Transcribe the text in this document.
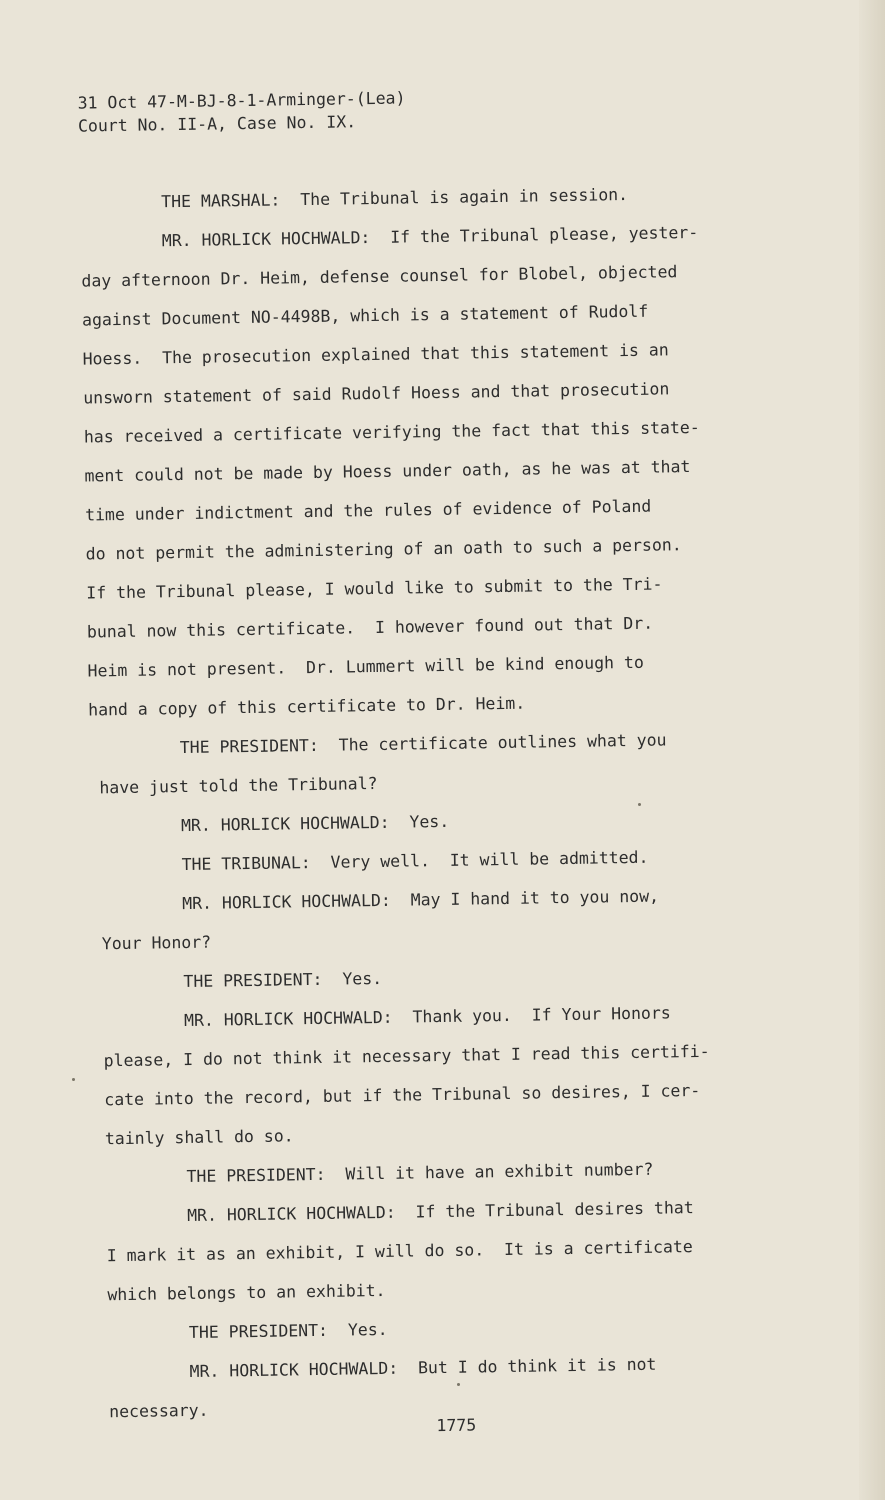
31 Oct 47-M-BJ-8-1-Arminger-(Lea)
Court No. II-A, Case No. IX.
THE MARSHAL:  The Tribunal is again in session.
MR. HORLICK HOCHWALD:  If the Tribunal please, yester-
day afternoon Dr. Heim, defense counsel for Blobel, objected
against Document NO-4498B, which is a statement of Rudolf
Hoess.  The prosecution explained that this statement is an
unsworn statement of said Rudolf Hoess and that prosecution
has received a certificate verifying the fact that this state-
ment could not be made by Hoess under oath, as he was at that
time under indictment and the rules of evidence of Poland
do not permit the administering of an oath to such a person.
If the Tribunal please, I would like to submit to the Tri-
bunal now this certificate.  I however found out that Dr.
Heim is not present.  Dr. Lummert will be kind enough to
hand a copy of this certificate to Dr. Heim.
THE PRESIDENT:  The certificate outlines what you
have just told the Tribunal?
MR. HORLICK HOCHWALD:  Yes.
THE TRIBUNAL:  Very well.  It will be admitted.
MR. HORLICK HOCHWALD:  May I hand it to you now,
Your Honor?
THE PRESIDENT:  Yes.
MR. HORLICK HOCHWALD:  Thank you.  If Your Honors
please, I do not think it necessary that I read this certifi-
cate into the record, but if the Tribunal so desires, I cer-
tainly shall do so.
THE PRESIDENT:  Will it have an exhibit number?
MR. HORLICK HOCHWALD:  If the Tribunal desires that
I mark it as an exhibit, I will do so.  It is a certificate
which belongs to an exhibit.
THE PRESIDENT:  Yes.
MR. HORLICK HOCHWALD:  But I do think it is not
necessary.
1775
